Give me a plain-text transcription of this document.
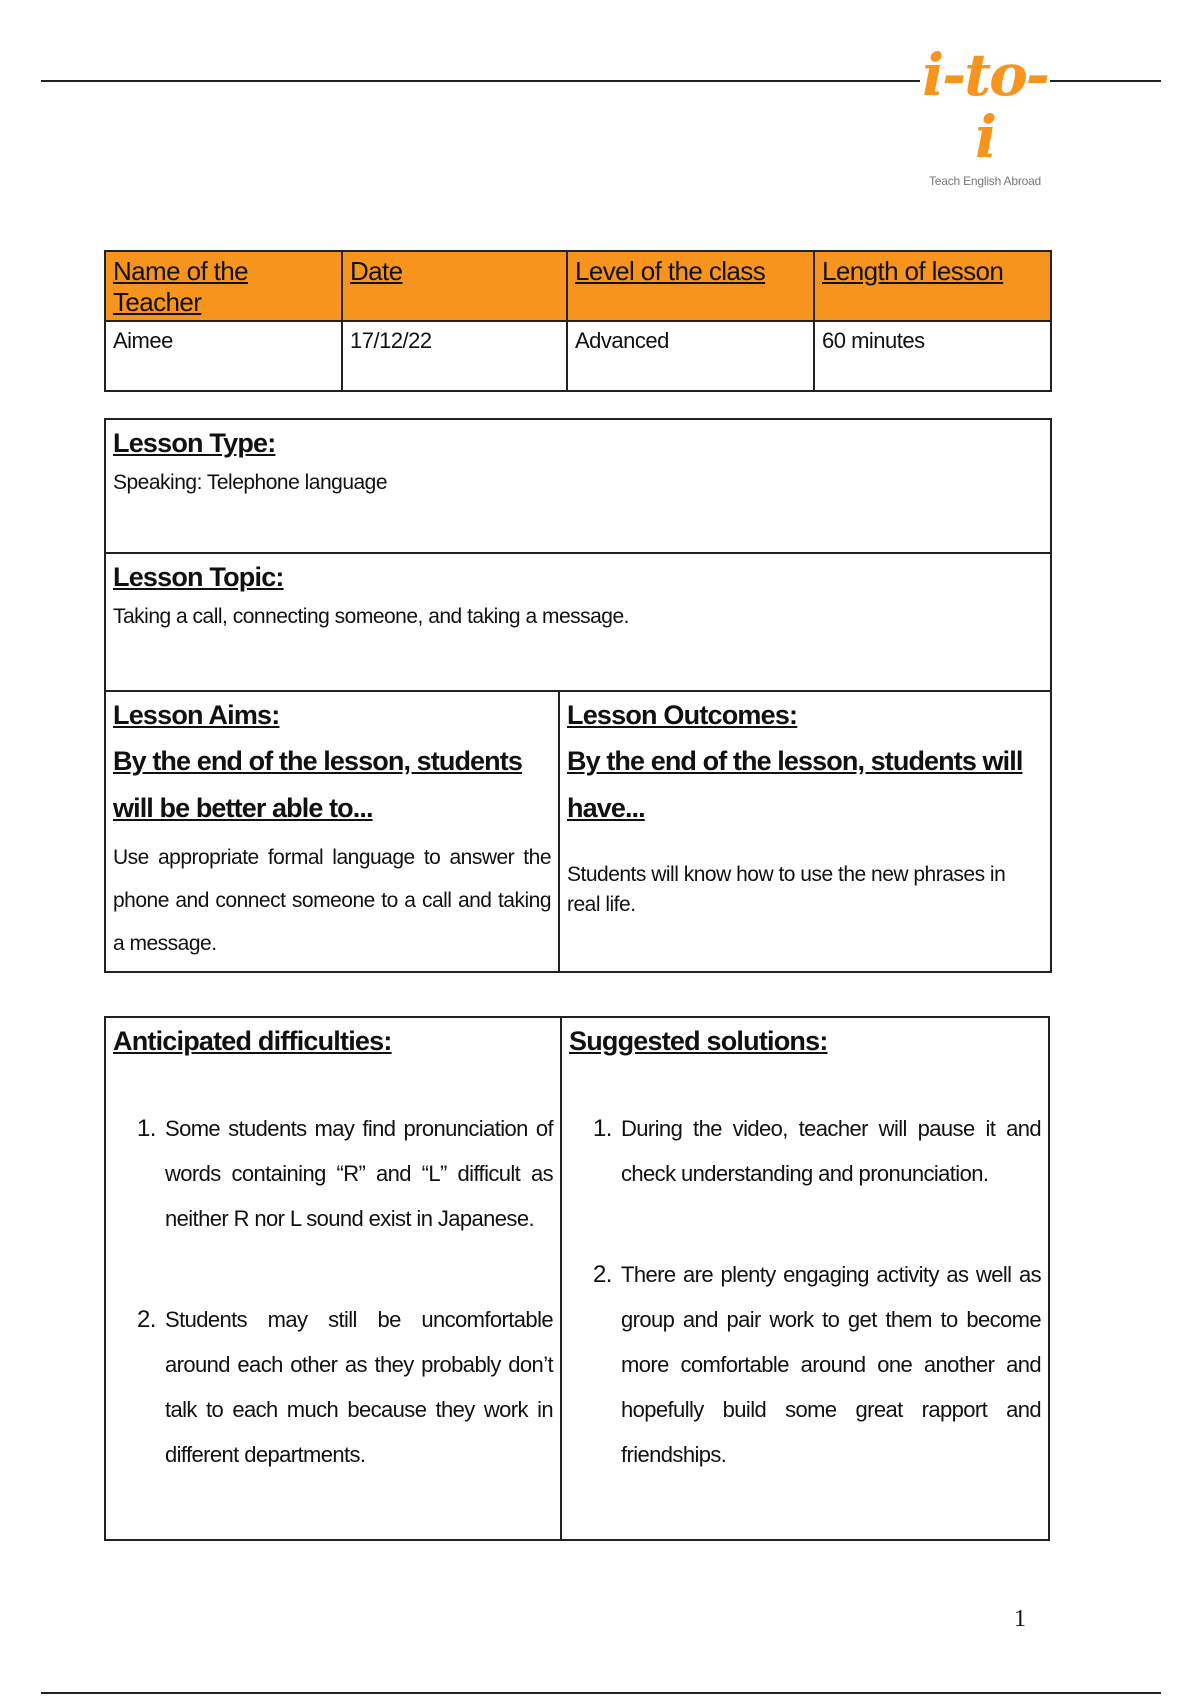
i-to-i
Teach English Abroad
Name of the Teacher	Date	Level of the class	Length of lesson
Aimee	17/12/22	Advanced	60 minutes
Lesson Type:
Speaking: Telephone language

Lesson Topic:
Taking a call, connecting someone, and taking a message.

Lesson Aims:
By the end of the lesson, students will be better able to...
Use appropriate formal language to answer the phone and connect someone to a call and taking a message.

Lesson Outcomes:
By the end of the lesson, students will have...
Students will know how to use the new phrases in real life.
Anticipated difficulties:
1. Some students may find pronunciation of words containing “R” and “L” difficult as neither R nor L sound exist in Japanese.
2. Students may still be uncomfortable around each other as they probably don’t talk to each much because they work in different departments.

Suggested solutions:
1. During the video, teacher will pause it and check understanding and pronunciation.
2. There are plenty engaging activity as well as group and pair work to get them to become more comfortable around one another and hopefully build some great rapport and friendships.
1
